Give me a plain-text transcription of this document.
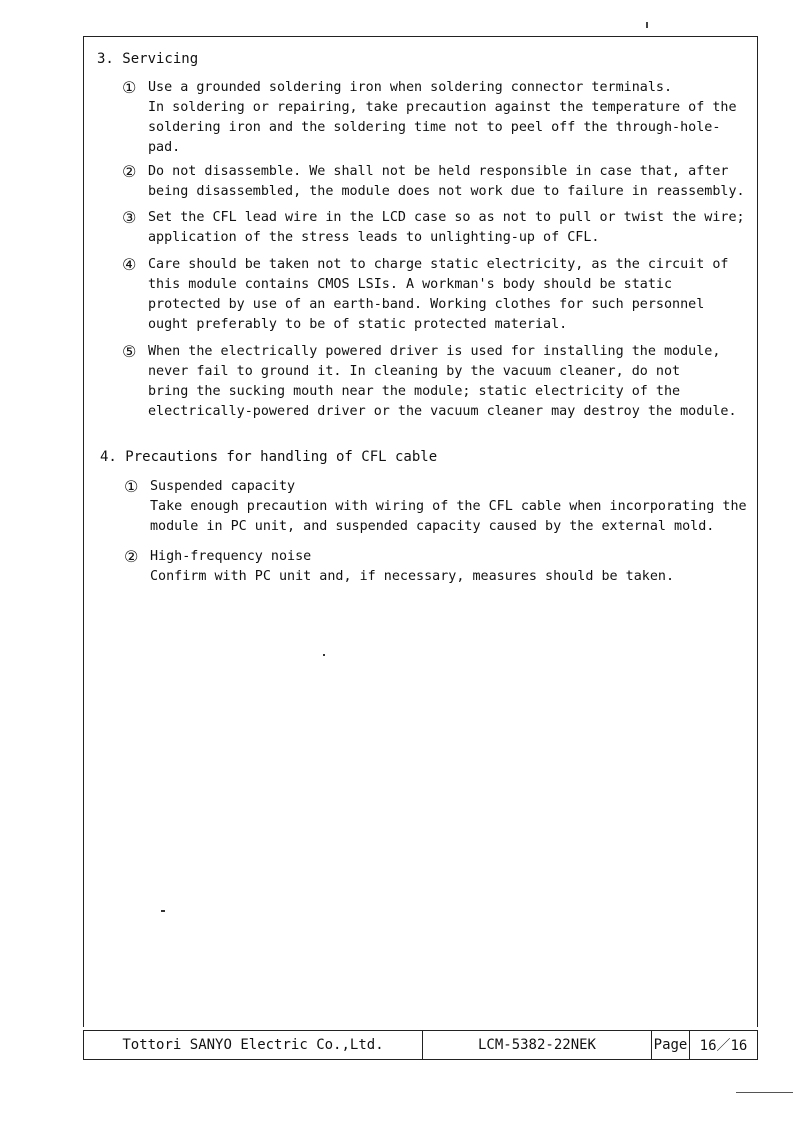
3. Servicing
① Use a grounded soldering iron when soldering connector terminals.
In soldering or repairing, take precaution against the temperature of the
soldering iron and the soldering time not to peel off the through-hole-
pad.
② Do not disassemble. We shall not be held responsible in case that, after
being disassembled, the module does not work due to failure in reassembly.
③ Set the CFL lead wire in the LCD case so as not to pull or twist the wire;
application of the stress leads to unlighting-up of CFL.
④ Care should be taken not to charge static electricity, as the circuit of
this module contains CMOS LSIs. A workman's body should be static
protected by use of an earth-band. Working clothes for such personnel
ought preferably to be of static protected material.
⑤ When the electrically powered driver is used for installing the module,
never fail to ground it. In cleaning by the vacuum cleaner, do not
bring the sucking mouth near the module; static electricity of the
electrically-powered driver or the vacuum cleaner may destroy the module.
4. Precautions for handling of CFL cable
① Suspended capacity
Take enough precaution with wiring of the CFL cable when incorporating the
module in PC unit, and suspended capacity caused by the external mold.
② High-frequency noise
Confirm with PC unit and, if necessary, measures should be taken.
Tottori SANYO Electric Co.,Ltd.	LCM-5382-22NEK	Page 16／16
